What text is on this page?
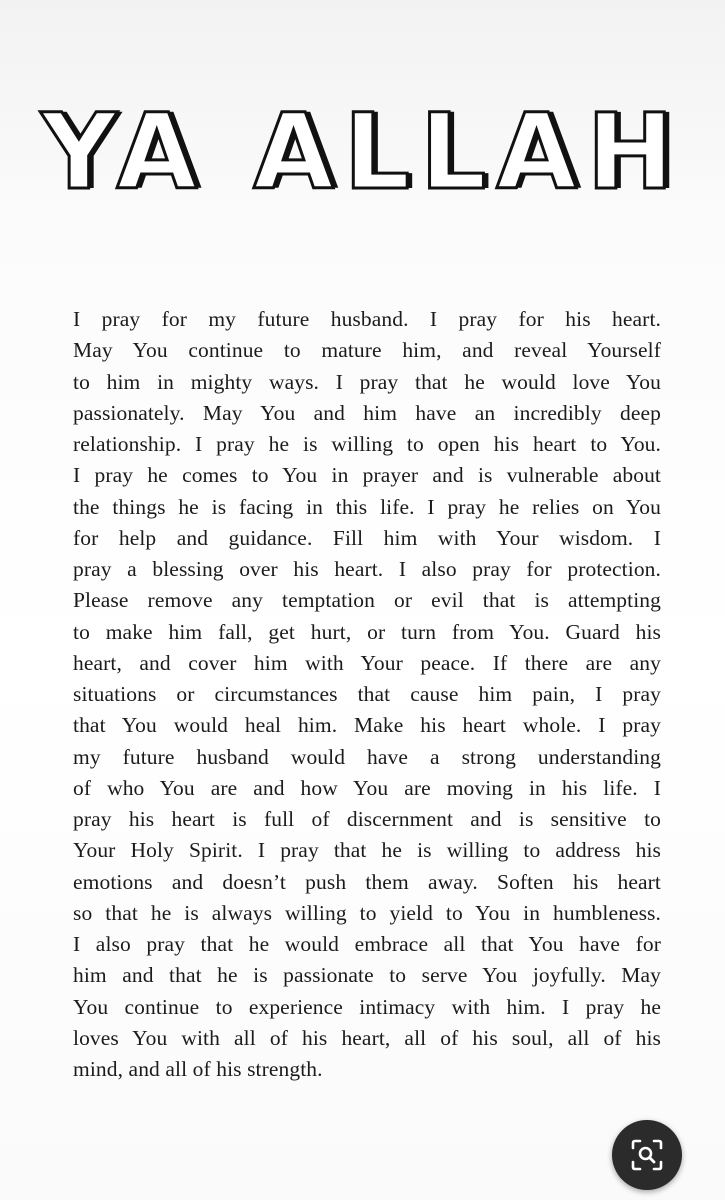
YA ALLAH
I pray for my future husband. I pray for his heart.
May You continue to mature him, and reveal Yourself
to him in mighty ways. I pray that he would love You
passionately. May You and him have an incredibly deep
relationship. I pray he is willing to open his heart to You.
I pray he comes to You in prayer and is vulnerable about
the things he is facing in this life. I pray he relies on You
for help and guidance. Fill him with Your wisdom. I
pray a blessing over his heart. I also pray for protection.
Please remove any temptation or evil that is attempting
to make him fall, get hurt, or turn from You. Guard his
heart, and cover him with Your peace. If there are any
situations or circumstances that cause him pain, I pray
that You would heal him. Make his heart whole. I pray
my future husband would have a strong understanding
of who You are and how You are moving in his life. I
pray his heart is full of discernment and is sensitive to
Your Holy Spirit. I pray that he is willing to address his
emotions and doesn’t push them away. Soften his heart
so that he is always willing to yield to You in humbleness.
I also pray that he would embrace all that You have for
him and that he is passionate to serve You joyfully. May
You continue to experience intimacy with him. I pray he
loves You with all of his heart, all of his soul, all of his
mind, and all of his strength.
